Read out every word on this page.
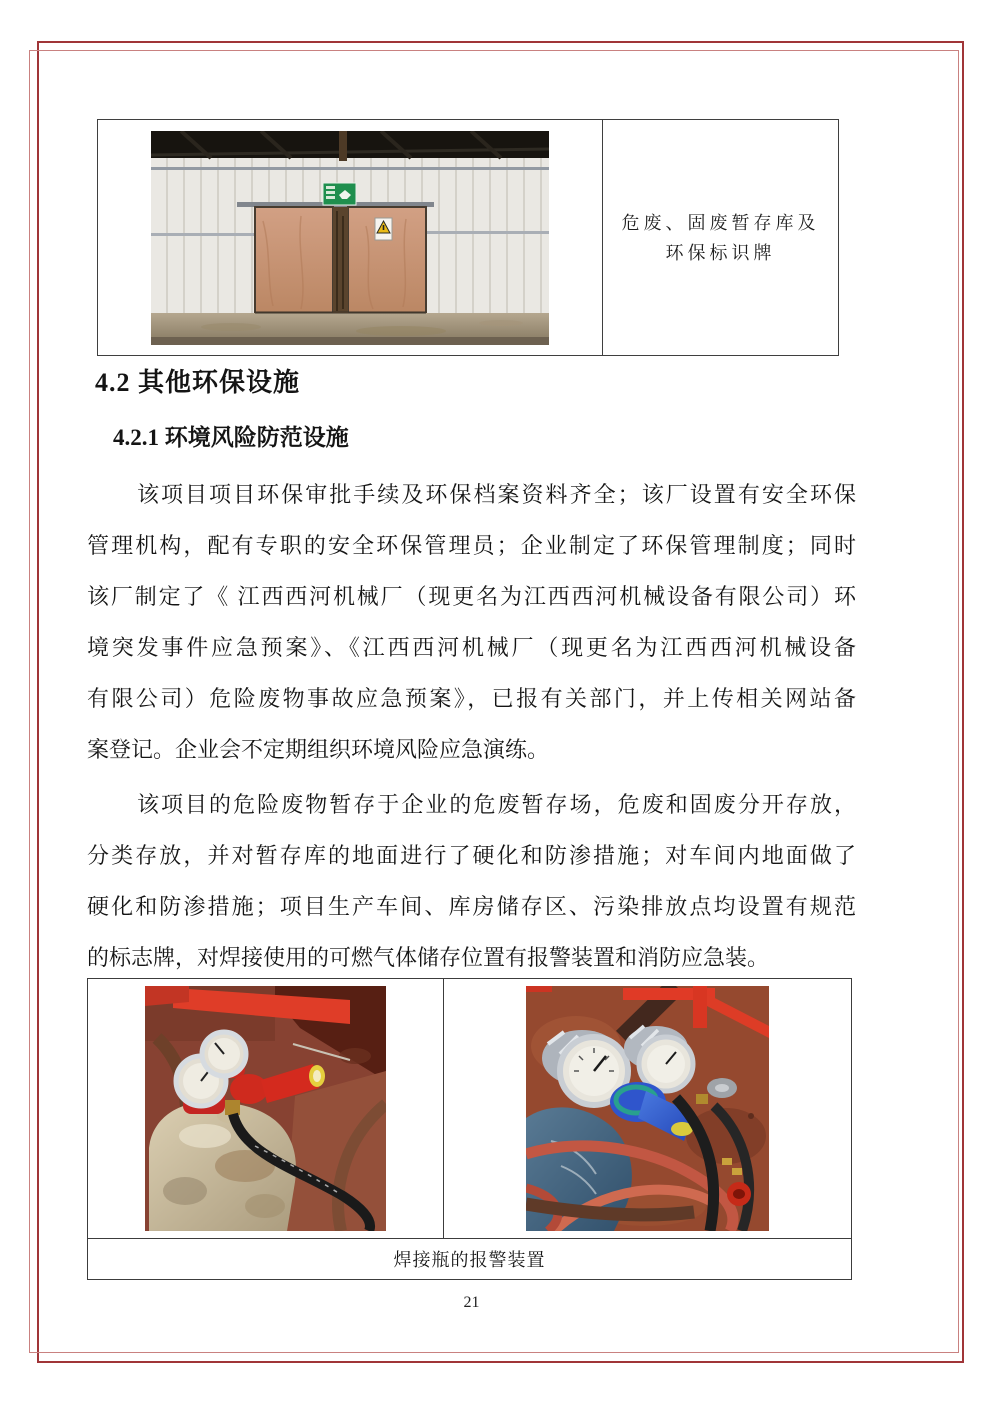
危废、固废暂存库及
环保标识牌
4.2 其他环保设施
4.2.1 环境风险防范设施
该项目项目环保审批手续及环保档案资料齐全；该厂设置有安全环保
管理机构，配有专职的安全环保管理员；企业制定了环保管理制度；同时
该厂制定了《 江西西河机械厂（现更名为江西西河机械设备有限公司）环
境突发事件应急预案》、《江西西河机械厂（现更名为江西西河机械设备
有限公司）危险废物事故应急预案》，已报有关部门，并上传相关网站备
案登记。企业会不定期组织环境风险应急演练。
该项目的危险废物暂存于企业的危废暂存场，危废和固废分开存放，
分类存放，并对暂存库的地面进行了硬化和防渗措施；对车间内地面做了
硬化和防渗措施；项目生产车间、库房储存区、污染排放点均设置有规范
的标志牌，对焊接使用的可燃气体储存位置有报警装置和消防应急装。
焊接瓶的报警装置
21
